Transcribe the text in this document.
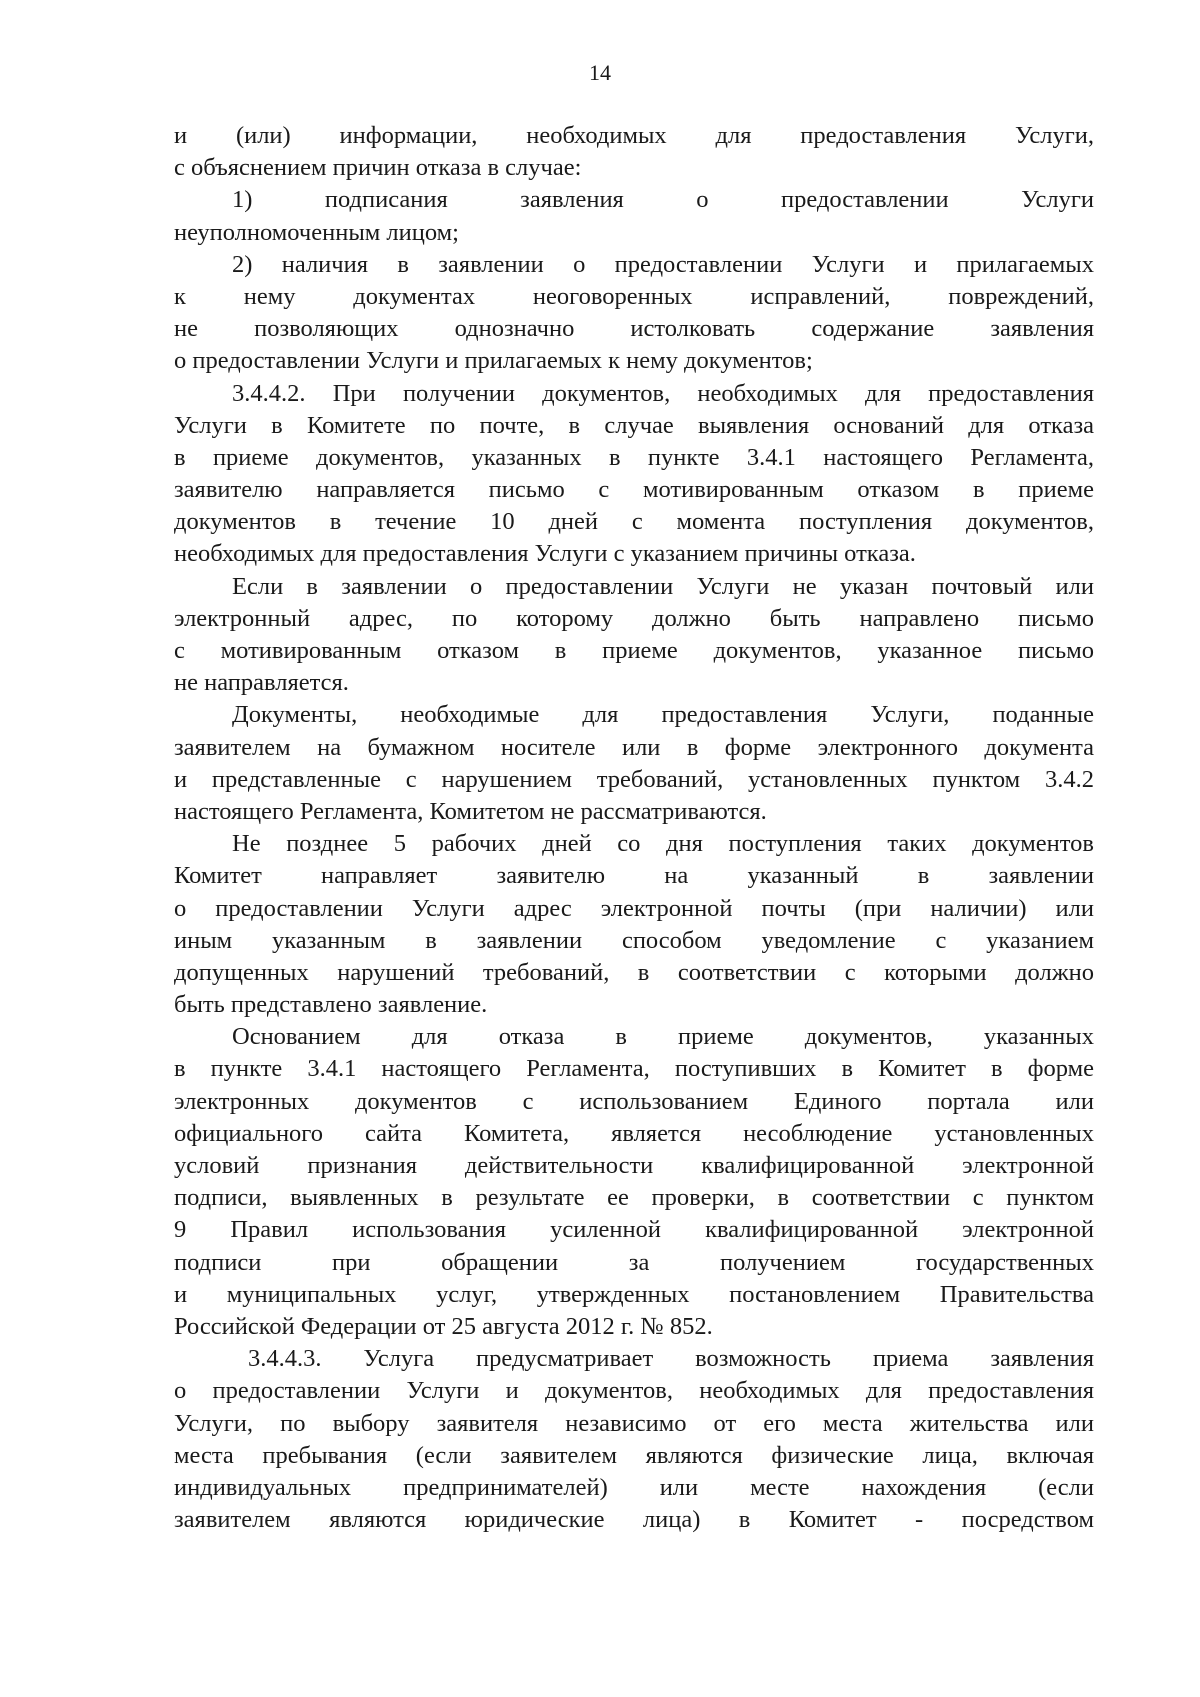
14
и (или) информации, необходимых для предоставления Услуги,
с объяснением причин отказа в случае:
1) подписания заявления о предоставлении Услуги
неуполномоченным лицом;
2) наличия в заявлении о предоставлении Услуги и прилагаемых
к нему документах неоговоренных исправлений, повреждений,
не позволяющих однозначно истолковать содержание заявления
о предоставлении Услуги и прилагаемых к нему документов;
3.4.4.2. При получении документов, необходимых для предоставления
Услуги в Комитете по почте, в случае выявления оснований для отказа
в приеме документов, указанных в пункте 3.4.1 настоящего Регламента,
заявителю направляется письмо с мотивированным отказом в приеме
документов в течение 10 дней с момента поступления документов,
необходимых для предоставления Услуги с указанием причины отказа.
Если в заявлении о предоставлении Услуги не указан почтовый или
электронный адрес, по которому должно быть направлено письмо
с мотивированным отказом в приеме документов, указанное письмо
не направляется.
Документы, необходимые для предоставления Услуги, поданные
заявителем на бумажном носителе или в форме электронного документа
и представленные с нарушением требований, установленных пунктом 3.4.2
настоящего Регламента, Комитетом не рассматриваются.
Не позднее 5 рабочих дней со дня поступления таких документов
Комитет направляет заявителю на указанный в заявлении
о предоставлении Услуги адрес электронной почты (при наличии) или
иным указанным в заявлении способом уведомление с указанием
допущенных нарушений требований, в соответствии с которыми должно
быть представлено заявление.
Основанием для отказа в приеме документов, указанных
в пункте 3.4.1 настоящего Регламента, поступивших в Комитет в форме
электронных документов с использованием Единого портала или
официального сайта Комитета, является несоблюдение установленных
условий признания действительности квалифицированной электронной
подписи, выявленных в результате ее проверки, в соответствии с пунктом
9 Правил использования усиленной квалифицированной электронной
подписи при обращении за получением государственных
и муниципальных услуг, утвержденных постановлением Правительства
Российской Федерации от 25 августа 2012 г. № 852.
3.4.4.3. Услуга предусматривает возможность приема заявления
о предоставлении Услуги и документов, необходимых для предоставления
Услуги, по выбору заявителя независимо от его места жительства или
места пребывания (если заявителем являются физические лица, включая
индивидуальных предпринимателей) или месте нахождения (если
заявителем являются юридические лица) в Комитет - посредством
